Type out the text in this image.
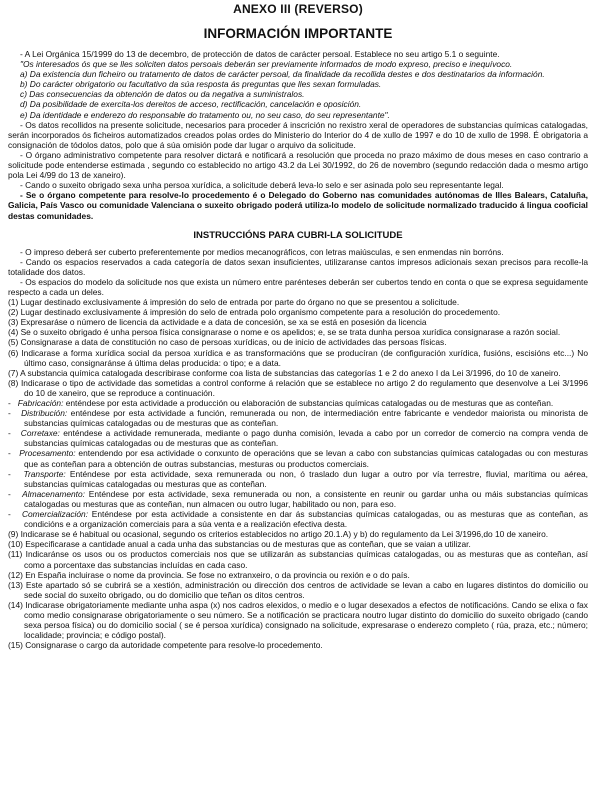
ANEXO III (REVERSO)
INFORMACIÓN IMPORTANTE

- A Lei Orgánica 15/1999 do 13 de decembro, de protección de datos de carácter persoal. Establece no seu artigo 5.1 o seguinte.

"Os interesados ós que se lles soliciten datos persoais deberán ser previamente informados de modo expreso, preciso e inequívoco.

a) Da existencia dun ficheiro ou tratamento de datos de carácter persoal, da finalidade da recollida destes e dos destinatarios da información.

b) Do carácter obrigatorio ou facultativo da súa resposta ás preguntas que lles sexan formuladas.

c) Das consecuencias da obtención de datos ou da negativa a suministralos.

d) Da posibilidade de exercita-los dereitos de acceso, rectificación, cancelación e oposición.

e) Da identidade e enderezo do responsable do tratamento ou, no seu caso, do seu representante".

- Os datos recollidos na presente solicitude, necesarios para proceder á inscrición no rexistro xeral de operadores de substancias químicas catalogadas, serán incorporados ós ficheiros automatizados creados polas ordes do Ministerio do Interior do 4 de xullo de 1997 e do 10 de xullo de 1998. É obrigatoria a consignación de tódolos datos, polo que á súa omisión pode dar lugar o arquivo da solicitude.

- O órgano administrativo competente para resolver dictará e notificará a resolución que proceda no prazo máximo de dous meses en caso contrario a solicitude pode entenderse estimada , segundo co establecido no artigo 43.2 da Lei 30/1992, do 26 de novembro (segundo redacción dada o mesmo artigo pola Lei 4/99 do 13 de xaneiro).

- Cando o suxeito obrigado sexa unha persoa xurídica, a solicitude deberá leva-lo selo e ser asinada polo seu representante legal.

- Se o órgano competente para resolve-lo procedemento é o Delegado do Goberno nas comunidades autónomas de Illes Balears, Cataluña, Galicia, País Vasco ou comunidade Valenciana o suxeito obrigado poderá utiliza-lo modelo de solicitude normalizado traducido á lingua cooficial destas comunidades.

INSTRUCCIÓNS PARA CUBRI-LA SOLICITUDE

- O impreso deberá ser cuberto preferentemente por medios mecanográficos, con letras maiúsculas, e sen enmendas nin borróns.

- Cando os espacios reservados a cada categoría de datos sexan insuficientes, utilizaranse cantos impresos adicionais sexan precisos para recolle-la totalidade dos datos.

- Os espacios do modelo da solicitude nos que exista un número entre parénteses deberán ser cubertos tendo en conta o que se expresa seguidamente respecto a cada un deles.

(1) Lugar destinado exclusivamente á impresión do selo de entrada por parte do órgano no que se presentou a solicitude.

(2) Lugar destinado exclusivamente á impresión do selo de entrada polo organismo competente para a resolución do procedemento.

(3) Expresaráse o número de licencia da actividade e a data de concesión, se xa se está en posesión da licencia

(4) Se o suxeito obrigado é unha persoa física consignarase o nome e os apelidos; e, se se trata dunha persoa xurídica consignarase a razón social.

(5) Consignarase a data de constitución no caso de persoas xurídicas, ou de inicio de actividades das persoas físicas.

(6) Indicarase a forma xurídica social da persoa xurídica e as transformacións que se producíran (de configuración xurídica, fusións, escisións etc...) No último caso, consignaránse á última delas producida: o tipo; e a data.

(7) A substancia química catalogada describirase conforme coa lista de substancias das categorías 1 e 2 do anexo I da Lei 3/1996, do 10 de xaneiro.

(8) Indicarase o tipo de actividade das sometidas a control conforme á relación que se establece no artigo 2 do regulamento que desenvolve a Lei 3/1996 do 10 de xaneiro, que se reproduce a continuación.

-   Fabricación: enténdese por esta actividade a producción ou elaboración de substancias químicas catalogadas ou de mesturas que as conteñan.

-   Distribución: enténdese por esta actividade a función, remunerada ou non, de intermediación entre fabricante e vendedor maiorista ou minorista de substancias químicas catalogadas ou de mesturas que as conteñan.

-   Corretaxe: enténdese a actividade remunerada, mediante o pago dunha comisión, levada a cabo por un corredor de comercio na compra venda de substancias químicas catalogadas ou de mesturas que as conteñan.

-   Procesamento: entendendo por esa actividade o conxunto de operacións que se levan a cabo con substancias químicas catalogadas ou con mesturas que as conteñan para a obtención de outras substancias, mesturas ou productos comerciais.

-   Transporte: Enténdese por esta actividade, sexa remunerada ou non, ó traslado dun lugar a outro por vía terrestre, fluvial, marítima ou aérea, substancias químicas catalogadas ou mesturas que as conteñan.

-   Almacenamento: Enténdese por esta actividade, sexa remunerada ou non, a consistente en reunir ou gardar unha ou máis substancias químicas catalogadas ou mesturas que as conteñan, nun almacen ou outro lugar, habilitado ou non, para eso.

-   Comercialización: Enténdese por esta actividade a consistente en dar ás substancias químicas catalogadas, ou as mesturas que as conteñan, as condicións e a organización comerciais para a súa venta e a realización efectiva desta.

(9) Indicarase se é habitual ou ocasional, segundo os criterios establecidos no artigo 20.1.A) y b) do regulamento da Lei 3/1996,do 10 de xaneiro.

(10) Especificarase a cantidade anual a cada unha das substancias ou de mesturas que as conteñan, que se vaian a utilizar.

(11) Indicaránse os usos ou os productos comerciais nos que se utilizarán as substancias químicas catalogadas, ou as mesturas que as conteñan, así como a porcentaxe das substancias incluídas en cada caso.

(12) En España incluirase o nome da provincia. Se fose no extranxeiro, o da provincia ou rexión e o do país.

(13) Este apartado só se cubrirá se a xestión, administración ou dirección dos centros de actividade se levan a cabo en lugares distintos do domicilio ou sede social do suxeito obrigado, ou do domicilio que teñan os ditos centros.

(14) Indicarase obrigatoriamente mediante unha aspa (x) nos cadros elexidos, o medio e o lugar desexados a efectos de notificacións. Cando se elixa o fax como medio consignarase obrigatoriamente o seu número. Se a notificación se practicara noutro lugar distinto do domicilio do suxeito obrigado (cando sexa persoa física) ou do domicilio social ( se é persoa xurídica) consignado na solicitude, expresarase o enderezo completo ( rúa, praza, etc.; número; localidade; provincia; e código postal).

(15) Consignarase o cargo da autoridade competente para resolve-lo procedemento.
